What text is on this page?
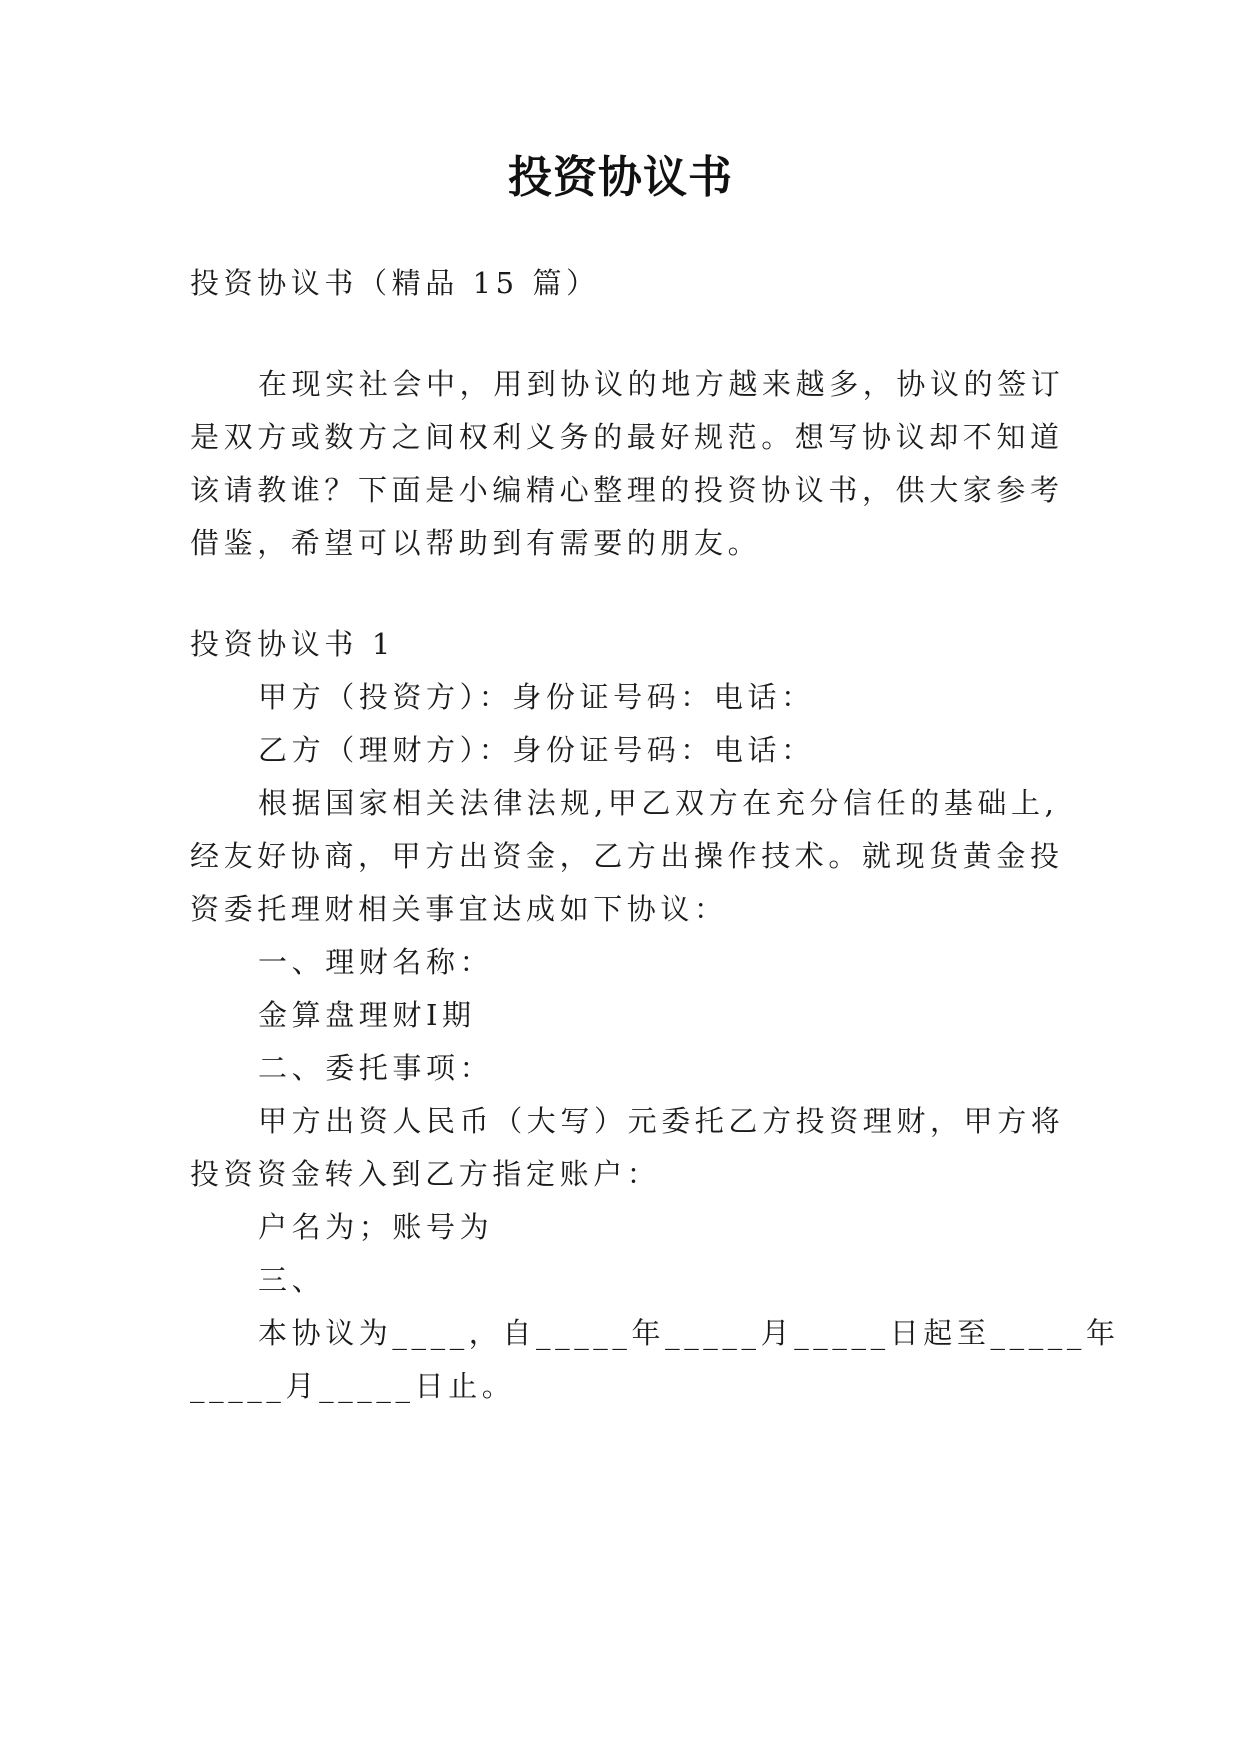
投资协议书
投资协议书（精品 15 篇）
在现实社会中，用到协议的地方越来越多，协议的签订
是双方或数方之间权利义务的最好规范。想写协议却不知道
该请教谁？下面是小编精心整理的投资协议书，供大家参考
借鉴，希望可以帮助到有需要的朋友。
投资协议书 1
甲方（投资方）：身份证号码：电话：
乙方（理财方）：身份证号码：电话：
根据国家相关法律法规,甲乙双方在充分信任的基础上,
经友好协商，甲方出资金，乙方出操作技术。就现货黄金投
资委托理财相关事宜达成如下协议：
一、理财名称：
金算盘理财Ⅰ期
二、委托事项：
甲方出资人民币（大写）元委托乙方投资理财，甲方将
投资资金转入到乙方指定账户：
户名为；账号为
三、
本协议为____，自_____年_____月_____日起至_____年
_____月_____日止。
